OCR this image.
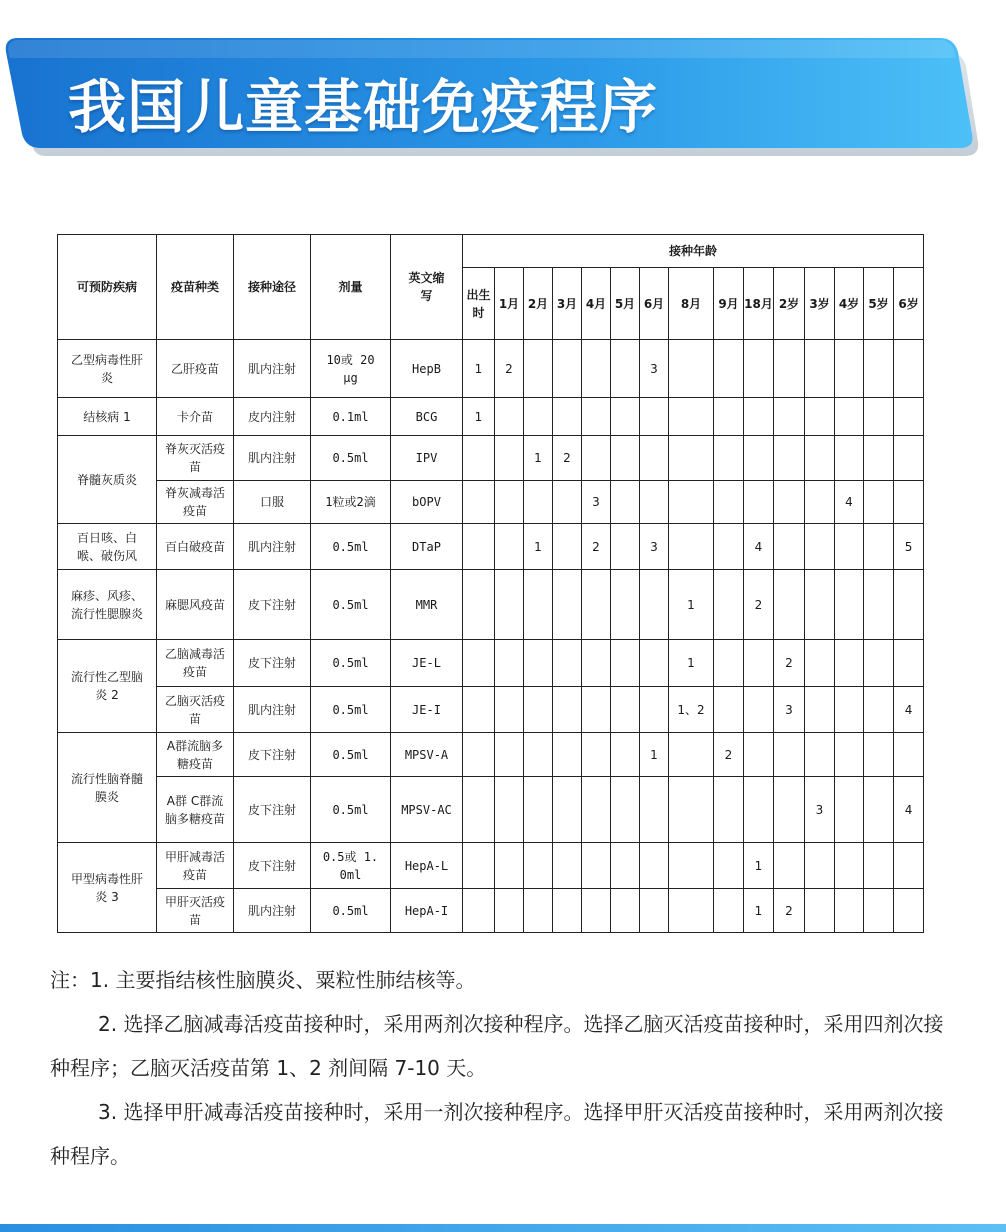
我国儿童基础免疫程序
可预防疾病	疫苗种类	接种途径	剂量	英文缩写	接种年龄														
					出生时	1月	2月	3月	4月	5月	6月	8月	9月	18月	2岁	3岁	4岁	5岁	6岁
乙型病毒性肝炎	乙肝疫苗	肌内注射	10或 20 μg	HepB	1	2					3								
结核病 1	卡介苗	皮内注射	0.1ml	BCG	1														
脊髓灰质炎	脊灰灭活疫苗	肌内注射	0.5ml	IPV			1	2											
	脊灰减毒活疫苗	口服	1粒或2滴	bOPV					3								4		
百日咳、白喉、破伤风	百白破疫苗	肌内注射	0.5ml	DTaP			1		2		3			4					5
麻疹、风疹、流行性腮腺炎	麻腮风疫苗	皮下注射	0.5ml	MMR								1		2					
流行性乙型脑炎 2	乙脑减毒活疫苗	皮下注射	0.5ml	JE-L								1			2				
	乙脑灭活疫苗	肌内注射	0.5ml	JE-I								1、2			3				4
流行性脑脊髓膜炎	A群流脑多糖疫苗	皮下注射	0.5ml	MPSV-A							1		2						
	A群 C群流脑多糖疫苗	皮下注射	0.5ml	MPSV-AC												3			4
甲型病毒性肝炎 3	甲肝减毒活疫苗	皮下注射	0.5或 1.0ml	HepA-L										1					
	甲肝灭活疫苗	肌内注射	0.5ml	HepA-I										1	2				

注：1. 主要指结核性脑膜炎、粟粒性肺结核等。

2. 选择乙脑减毒活疫苗接种时，采用两剂次接种程序。选择乙脑灭活疫苗接种时，采用四剂次接种程序；乙脑灭活疫苗第 1、2 剂间隔 7-10 天。

3. 选择甲肝减毒活疫苗接种时，采用一剂次接种程序。选择甲肝灭活疫苗接种时，采用两剂次接种程序。
